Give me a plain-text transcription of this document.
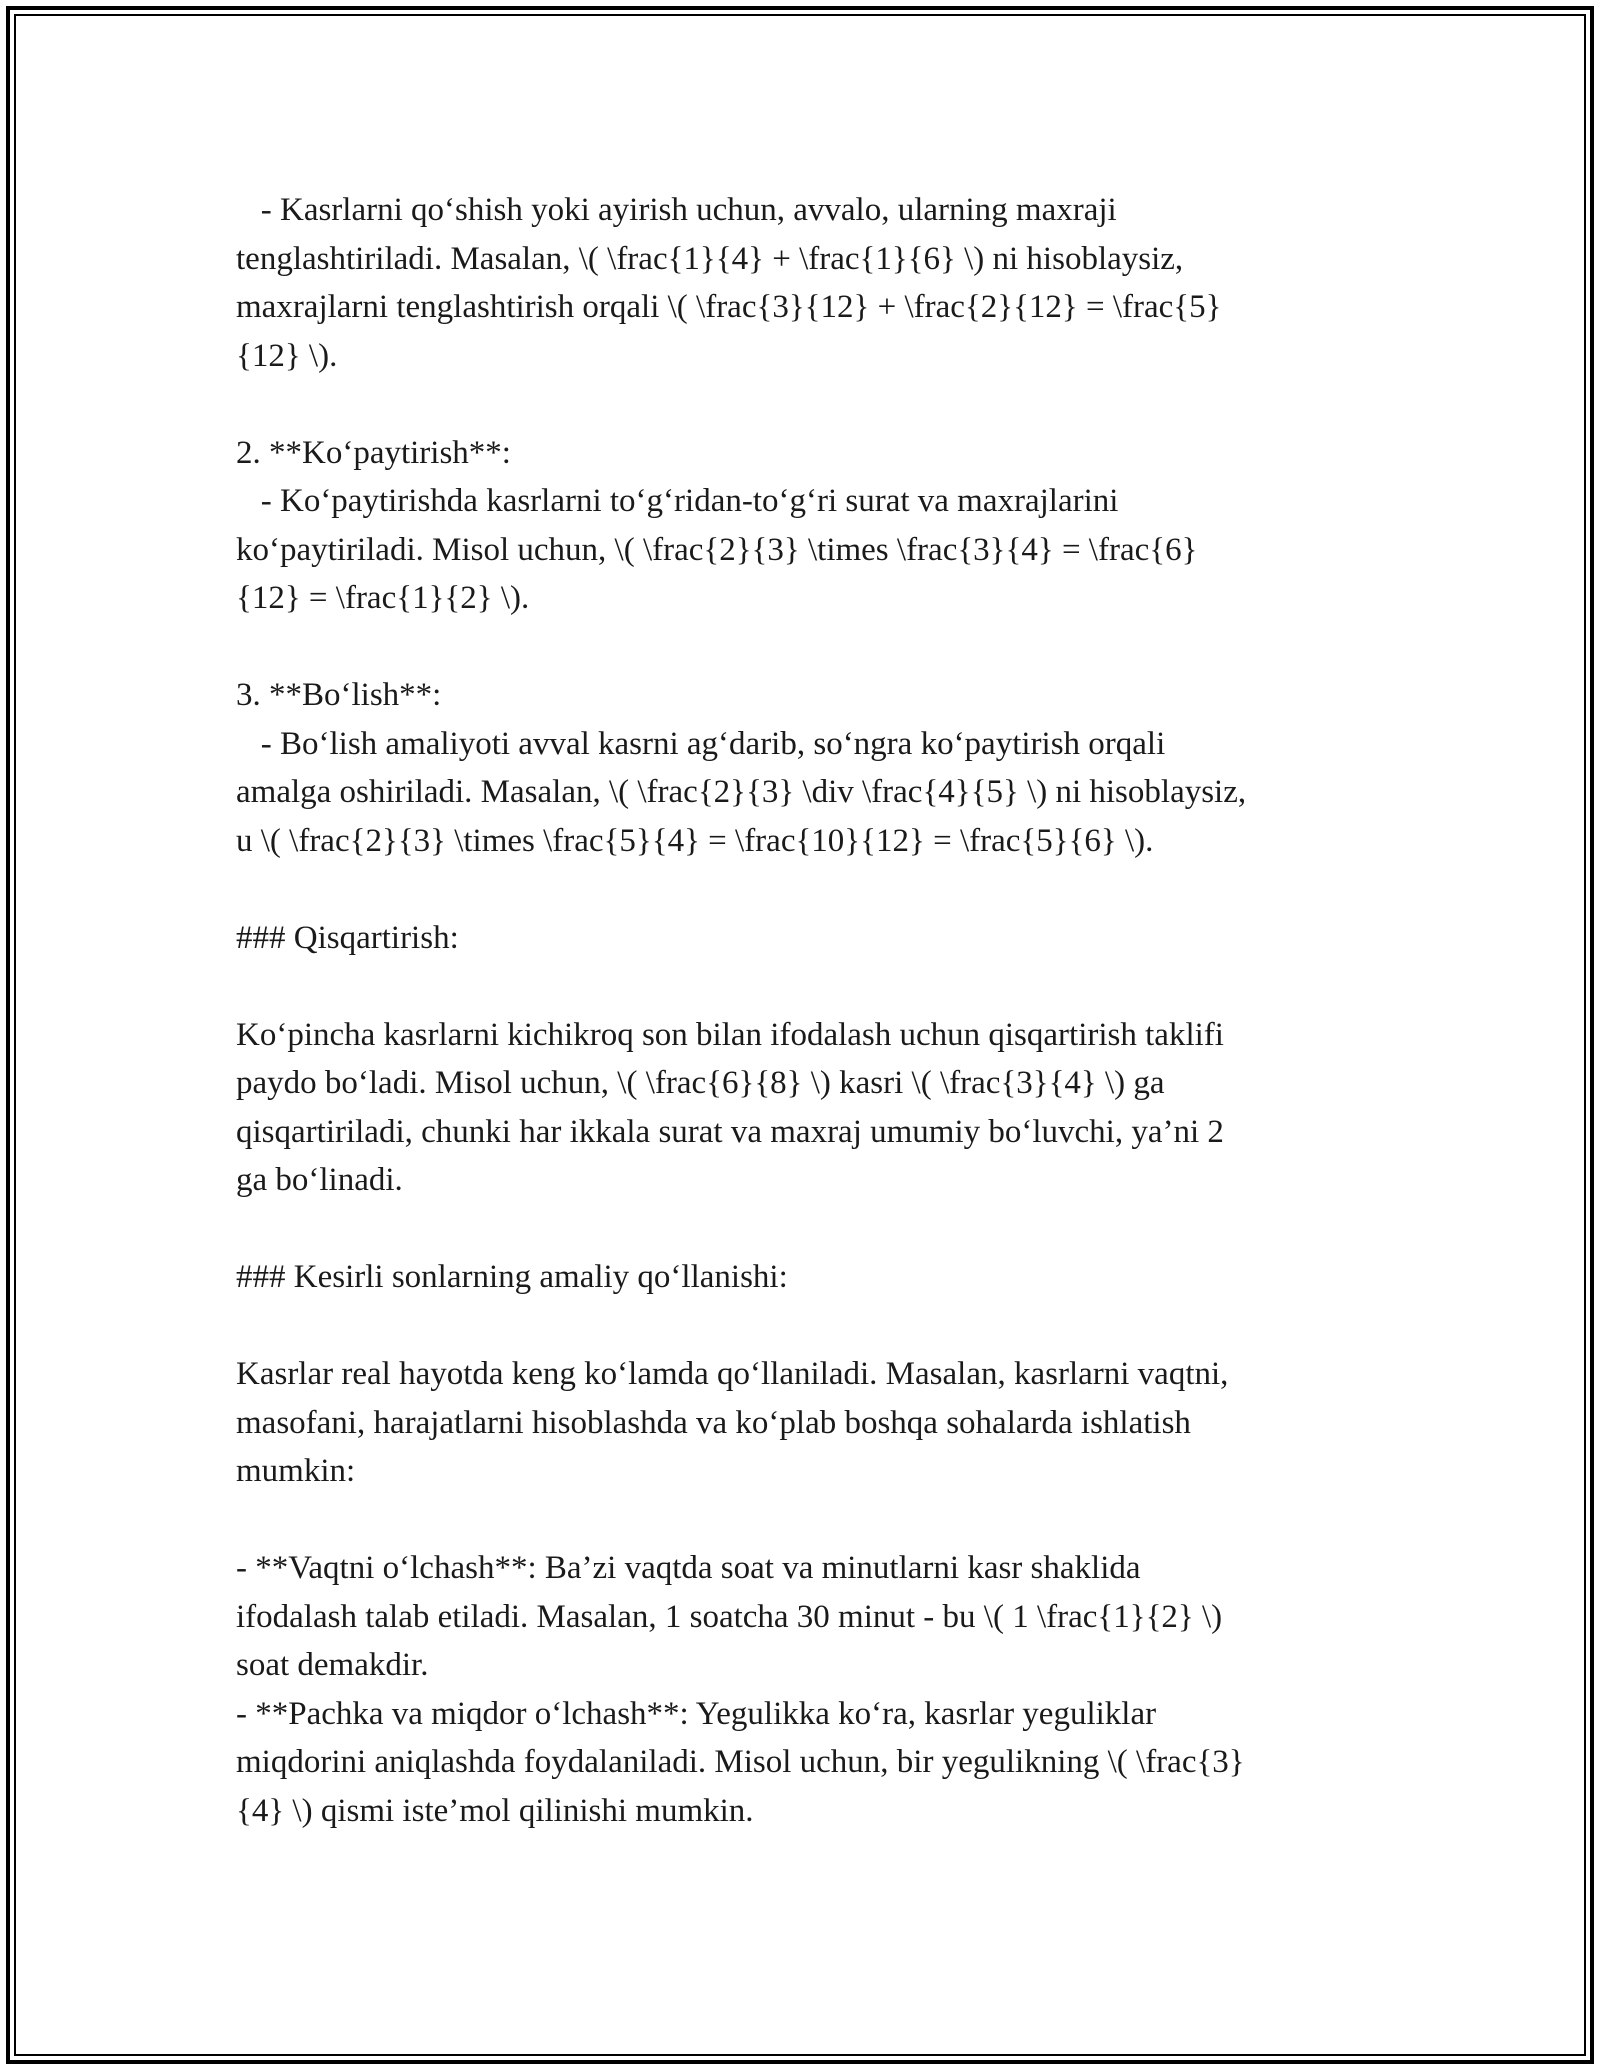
- Kasrlarni qo‘shish yoki ayirish uchun, avvalo, ularning maxraji
tenglashtiriladi. Masalan, \( \frac{1}{4} + \frac{1}{6} \) ni hisoblaysiz,
maxrajlarni tenglashtirish orqali \( \frac{3}{12} + \frac{2}{12} = \frac{5}
{12} \).
2. **Ko‘paytirish**:
- Ko‘paytirishda kasrlarni to‘g‘ridan-to‘g‘ri surat va maxrajlarini
ko‘paytiriladi. Misol uchun, \( \frac{2}{3} \times \frac{3}{4} = \frac{6}
{12} = \frac{1}{2} \).
3. **Bo‘lish**:
- Bo‘lish amaliyoti avval kasrni ag‘darib, so‘ngra ko‘paytirish orqali
amalga oshiriladi. Masalan, \( \frac{2}{3} \div \frac{4}{5} \) ni hisoblaysiz,
u \( \frac{2}{3} \times \frac{5}{4} = \frac{10}{12} = \frac{5}{6} \).
### Qisqartirish:
Ko‘pincha kasrlarni kichikroq son bilan ifodalash uchun qisqartirish taklifi
paydo bo‘ladi. Misol uchun, \( \frac{6}{8} \) kasri \( \frac{3}{4} \) ga
qisqartiriladi, chunki har ikkala surat va maxraj umumiy bo‘luvchi, ya’ni 2
ga bo‘linadi.
### Kesirli sonlarning amaliy qo‘llanishi:
Kasrlar real hayotda keng ko‘lamda qo‘llaniladi. Masalan, kasrlarni vaqtni,
masofani, harajatlarni hisoblashda va ko‘plab boshqa sohalarda ishlatish
mumkin:
- **Vaqtni o‘lchash**: Ba’zi vaqtda soat va minutlarni kasr shaklida
ifodalash talab etiladi. Masalan, 1 soatcha 30 minut - bu \( 1 \frac{1}{2} \)
soat demakdir.
- **Pachka va miqdor o‘lchash**: Yegulikka ko‘ra, kasrlar yeguliklar
miqdorini aniqlashda foydalaniladi. Misol uchun, bir yegulikning \( \frac{3}
{4} \) qismi iste’mol qilinishi mumkin.
